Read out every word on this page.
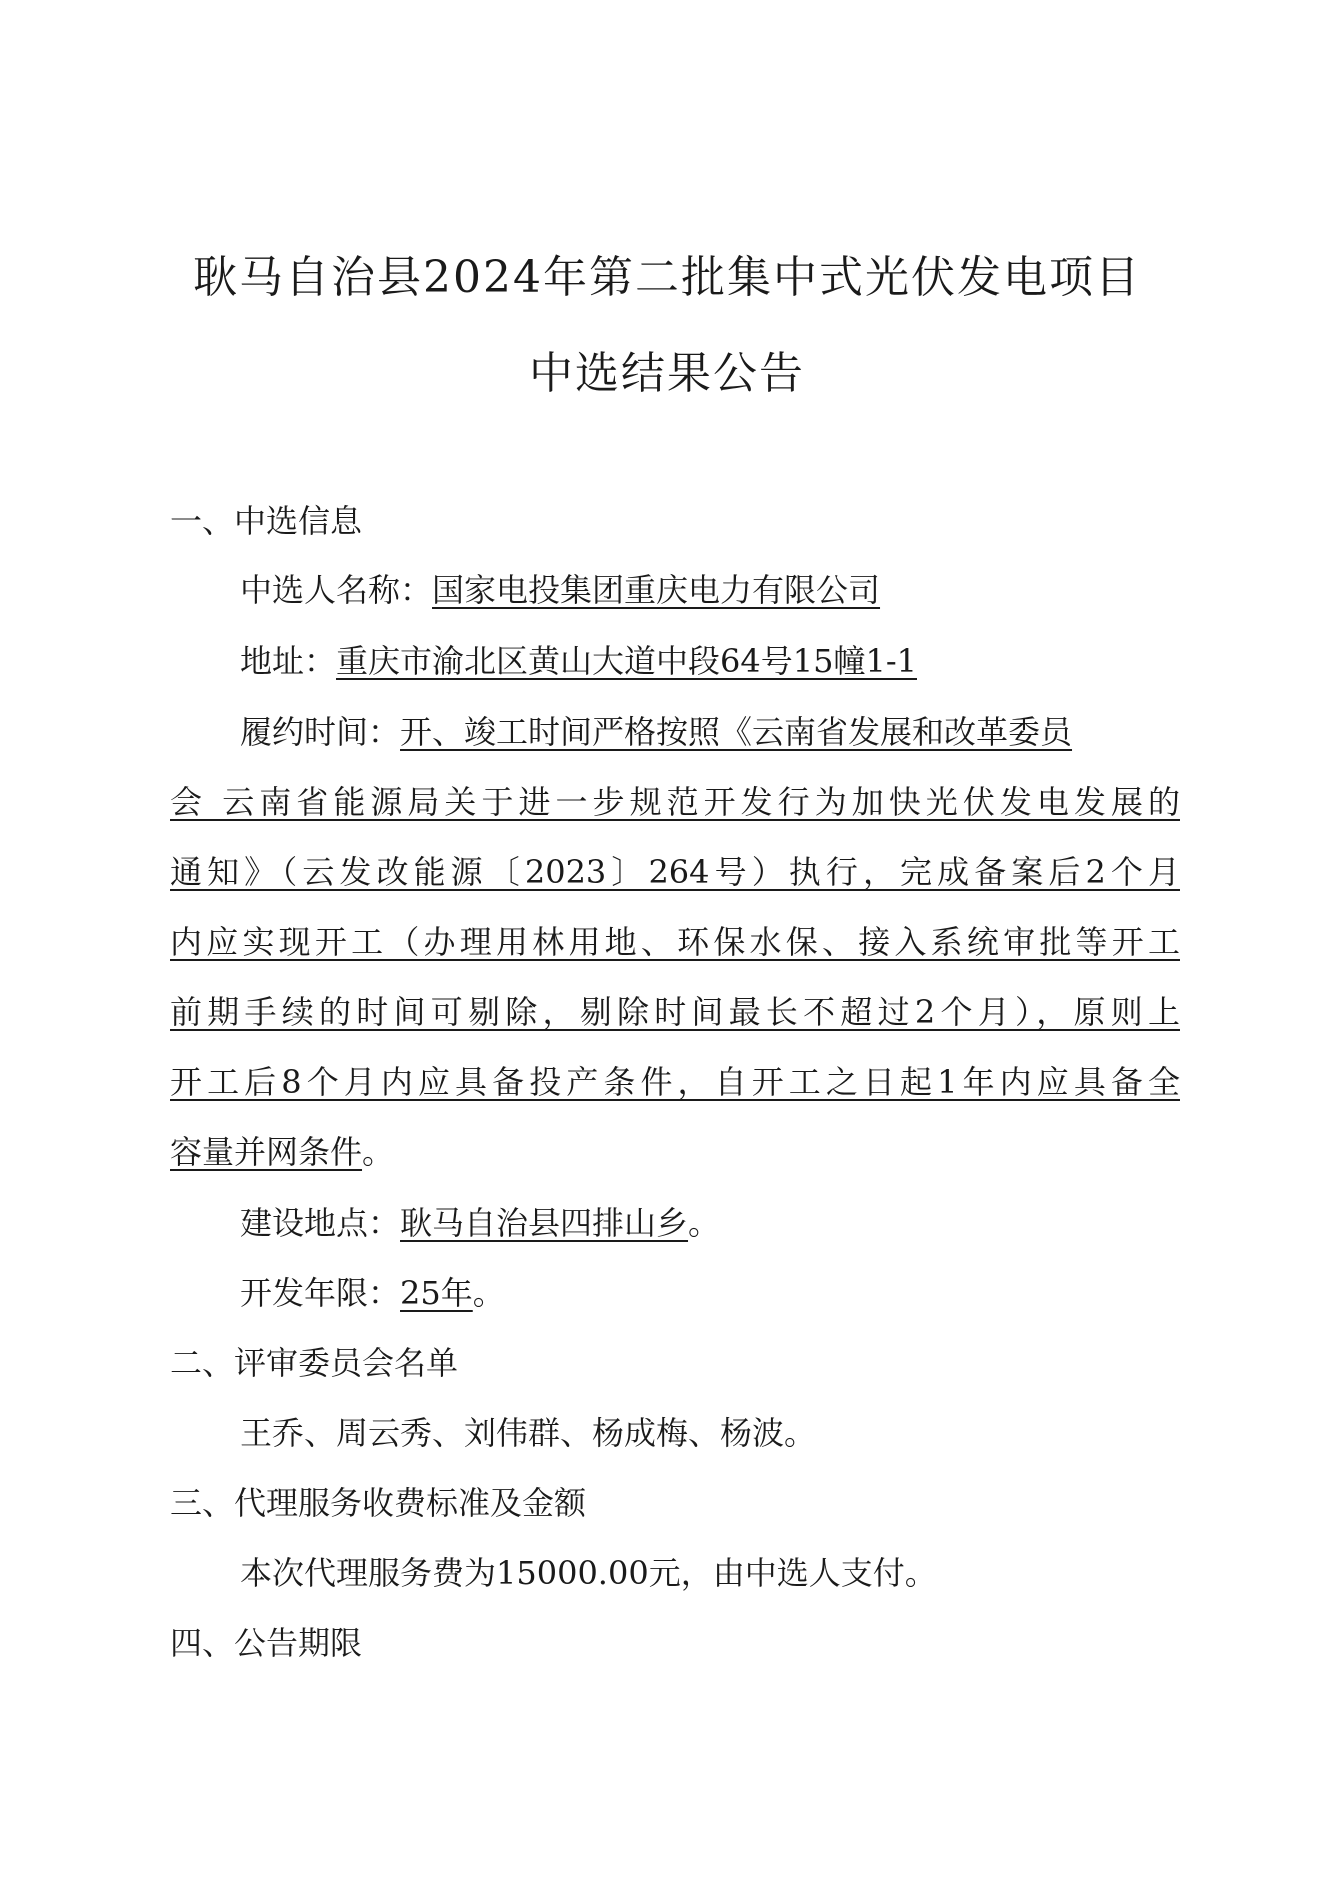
耿马自治县2024年第二批集中式光伏发电项目
中选结果公告

一、中选信息

中选人名称：国家电投集团重庆电力有限公司

地址：重庆市渝北区黄山大道中段64号15幢1-1

履约时间：开、竣工时间严格按照《云南省发展和改革委员

会 云南省能源局关于进一步规范开发行为加快光伏发电发展的

通知》（云发改能源〔2023〕264号）执行，完成备案后2个月

内应实现开工（办理用林用地、环保水保、接入系统审批等开工

前期手续的时间可剔除，剔除时间最长不超过2个月），原则上

开工后8个月内应具备投产条件，自开工之日起1年内应具备全

容量并网条件。

建设地点：耿马自治县四排山乡。

开发年限：25年。

二、评审委员会名单

王乔、周云秀、刘伟群、杨成梅、杨波。

三、代理服务收费标准及金额

本次代理服务费为15000.00元，由中选人支付。

四、公告期限
